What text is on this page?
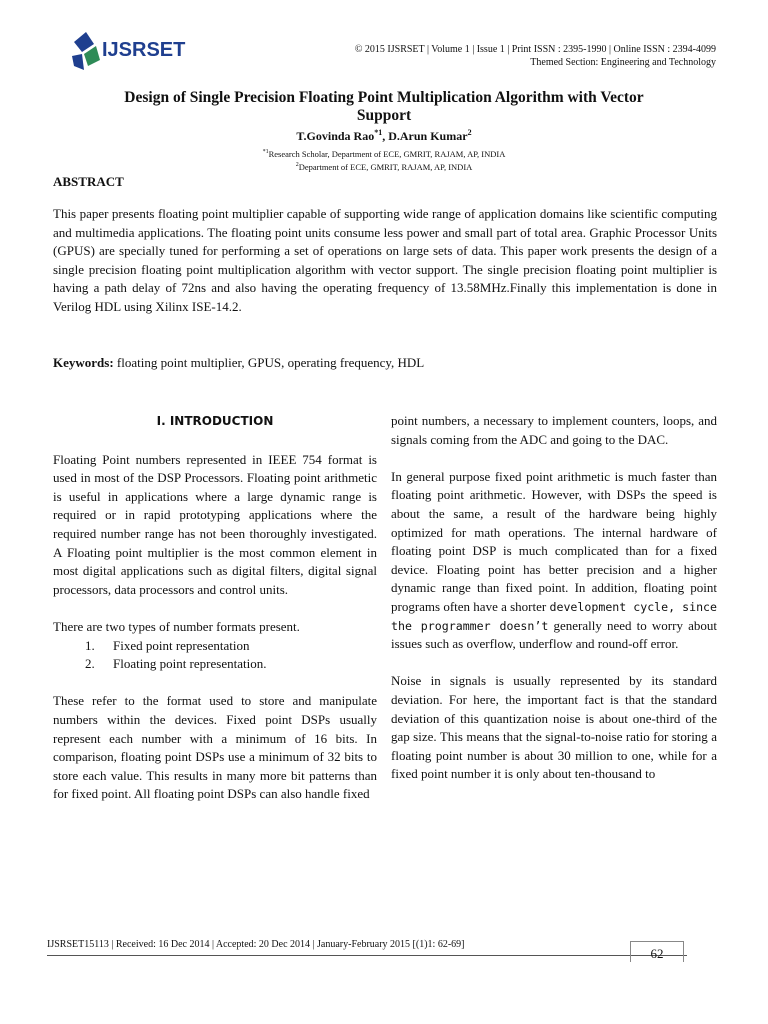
IJSRSET	© 2015 IJSRSET | Volume 1 | Issue 1 | Print ISSN : 2395-1990 | Online ISSN : 2394-4099
Themed Section: Engineering and Technology
Design of Single Precision Floating Point Multiplication Algorithm with Vector
Support
T.Govinda Rao$^{*1}$, D.Arun Kumar$^2$
$^{*1}$Research Scholar, Department of ECE, GMRIT, RAJAM, AP, INDIA
$^2$Department of ECE, GMRIT, RAJAM, AP, INDIA
ABSTRACT
This paper presents floating point multiplier capable of supporting wide range of application domains like scientific computing and multimedia applications. The floating point units consume less power and small part of total area. Graphic Processor Units (GPUS) are specially tuned for performing a set of operations on large sets of data. This paper work presents the design of a single precision floating point multiplication algorithm with vector support. The single precision floating point multiplier is having a path delay of 72ns and also having the operating frequency of 13.58MHz.Finally this implementation is done in Verilog HDL using Xilinx ISE-14.2.
Keywords: floating point multiplier, GPUS, operating frequency, HDL
I. INTRODUCTION

Floating Point numbers represented in IEEE 754 format is used in most of the DSP Processors. Floating point arithmetic is useful in applications where a large dynamic range is required or in rapid prototyping applications where the required number range has not been thoroughly investigated. A Floating point multiplier is the most common element in most digital applications such as digital filters, digital signal processors, data processors and control units.

There are two types of number formats present.
1. Fixed point representation
2. Floating point representation.

These refer to the format used to store and manipulate numbers within the devices. Fixed point DSPs usually represent each number with a minimum of 16 bits. In comparison, floating point DSPs use a minimum of 32 bits to store each value. This results in many more bit patterns than for fixed point. All floating point DSPs can also handle fixed

point numbers, a necessary to implement counters, loops, and signals coming from the ADC and going to the DAC.

In general purpose fixed point arithmetic is much faster than floating point arithmetic. However, with DSPs the speed is about the same, a result of the hardware being highly optimized for math operations. The internal hardware of floating point DSP is much complicated than for a fixed device. Floating point has better precision and a higher dynamic range than fixed point. In addition, floating point programs often have a shorter development cycle, since the programmer doesn’t generally need to worry about issues such as overflow, underflow and round-off error.

Noise in signals is usually represented by its standard deviation. For here, the important fact is that the standard deviation of this quantization noise is about one-third of the gap size. This means that the signal-to-noise ratio for storing a floating point number is about 30 million to one, while for a fixed point number it is only about ten-thousand to

IJSRSET15113 | Received: 16 Dec 2014 | Accepted: 20 Dec 2014 | January-February 2015 [(1)1: 62-69]
62
